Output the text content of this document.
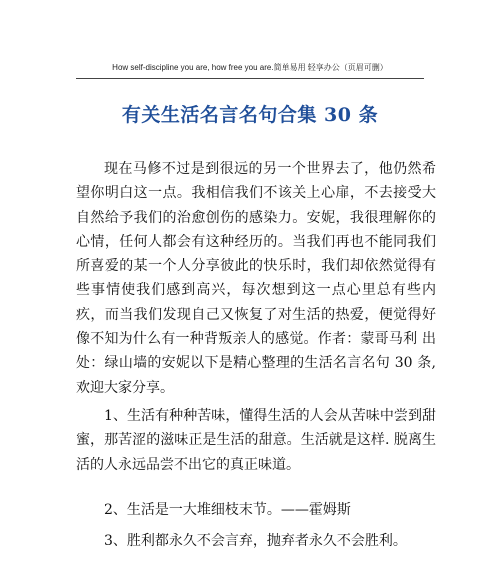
How self-discipline you are, how free you are.简单易用 轻享办公（页眉可删）
有关生活名言名句合集 30 条

现在马修不过是到很远的另一个世界去了，他仍然希望你明白这一点。我相信我们不该关上心扉，不去接受大自然给予我们的治愈创伤的感染力。安妮，我很理解你的心情，任何人都会有这种经历的。当我们再也不能同我们所喜爱的某一个人分享彼此的快乐时，我们却依然觉得有些事情使我们感到高兴，每次想到这一点心里总有些内疚，而当我们发现自己又恢复了对生活的热爱，便觉得好像不知为什么有一种背叛亲人的感觉。作者：蒙哥马利 出处：绿山墙的安妮以下是精心整理的生活名言名句 30 条,欢迎大家分享。

1、生活有种种苦味，懂得生活的人会从苦味中尝到甜蜜，那苦涩的滋味正是生活的甜意。生活就是这样. 脱离生活的人永远品尝不出它的真正味道。

2、生活是一大堆细枝末节。——霍姆斯

3、胜利都永久不会言弃，抛弃者永久不会胜利。
